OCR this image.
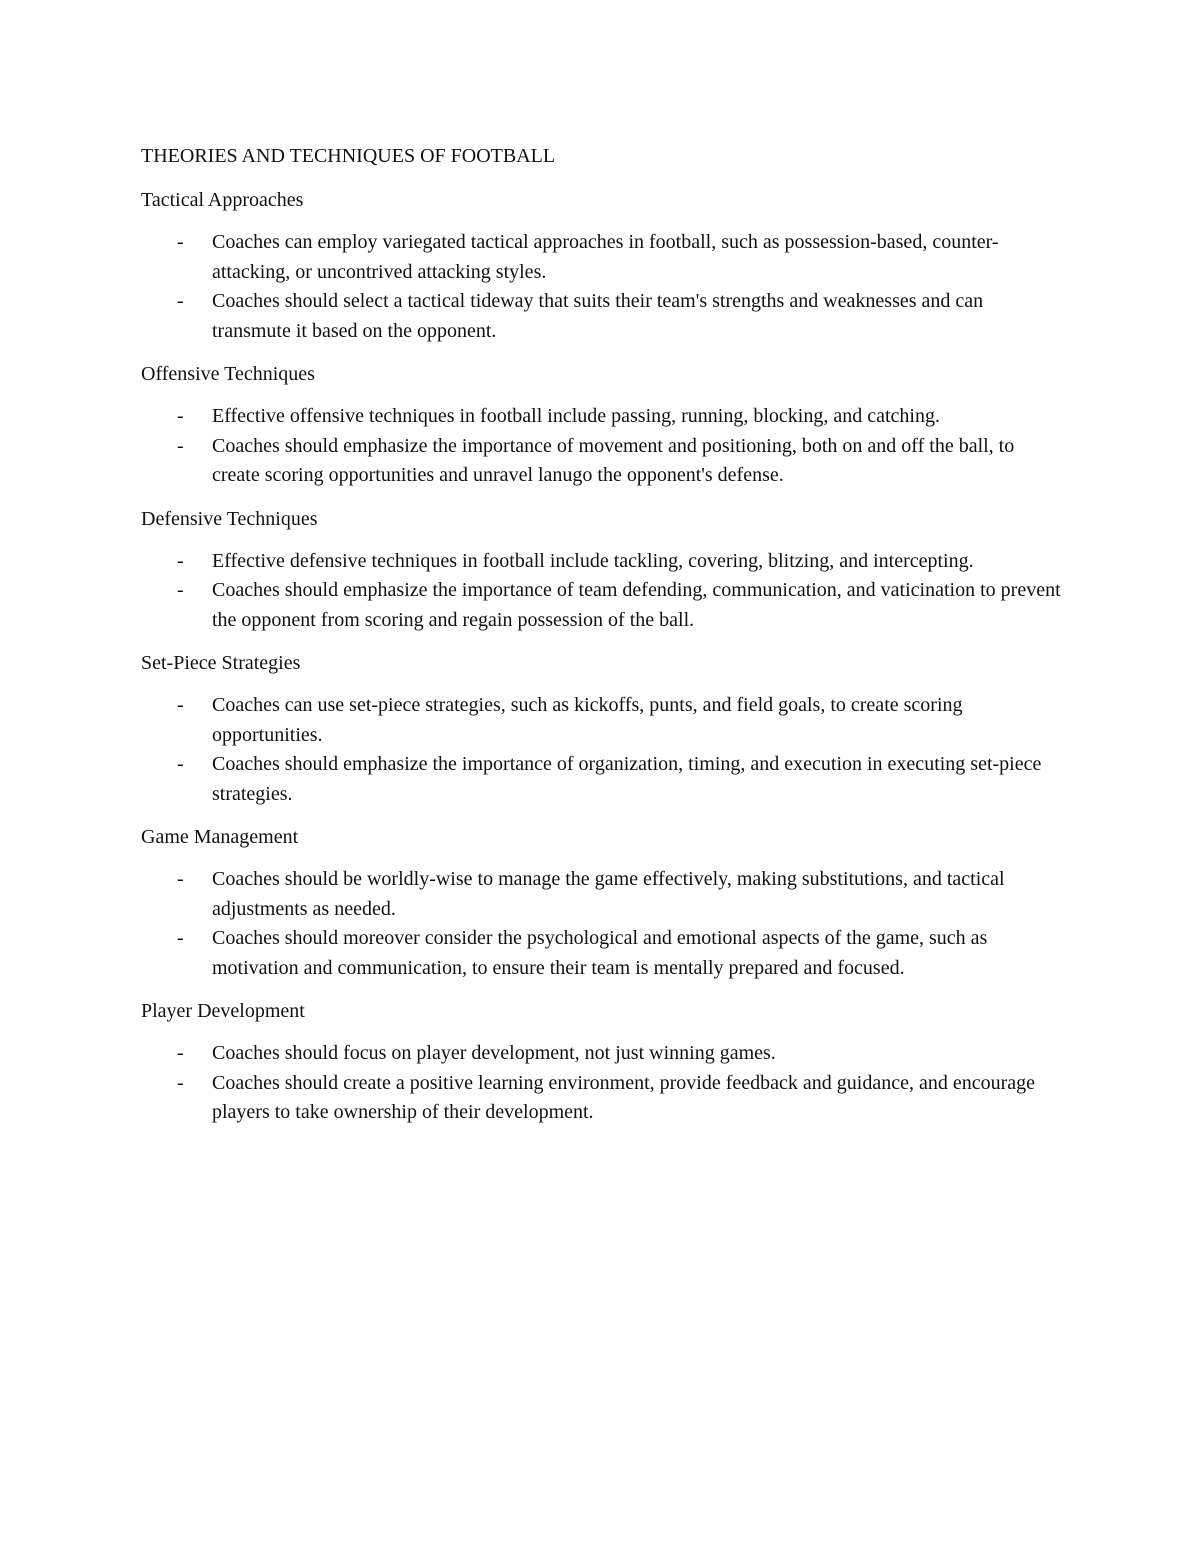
THEORIES AND TECHNIQUES OF FOOTBALL
Tactical Approaches
- Coaches can employ variegated tactical approaches in football, such as possession-based, counter-attacking, or uncontrived attacking styles.
- Coaches should select a tactical tideway that suits their team's strengths and weaknesses and can transmute it based on the opponent.
Offensive Techniques
- Effective offensive techniques in football include passing, running, blocking, and catching.
- Coaches should emphasize the importance of movement and positioning, both on and off the ball, to create scoring opportunities and unravel lanugo the opponent's defense.
Defensive Techniques
- Effective defensive techniques in football include tackling, covering, blitzing, and intercepting.
- Coaches should emphasize the importance of team defending, communication, and vaticination to prevent the opponent from scoring and regain possession of the ball.
Set-Piece Strategies
- Coaches can use set-piece strategies, such as kickoffs, punts, and field goals, to create scoring opportunities.
- Coaches should emphasize the importance of organization, timing, and execution in executing set-piece strategies.
Game Management
- Coaches should be worldly-wise to manage the game effectively, making substitutions, and tactical adjustments as needed.
- Coaches should moreover consider the psychological and emotional aspects of the game, such as motivation and communication, to ensure their team is mentally prepared and focused.
Player Development
- Coaches should focus on player development, not just winning games.
- Coaches should create a positive learning environment, provide feedback and guidance, and encourage players to take ownership of their development.
